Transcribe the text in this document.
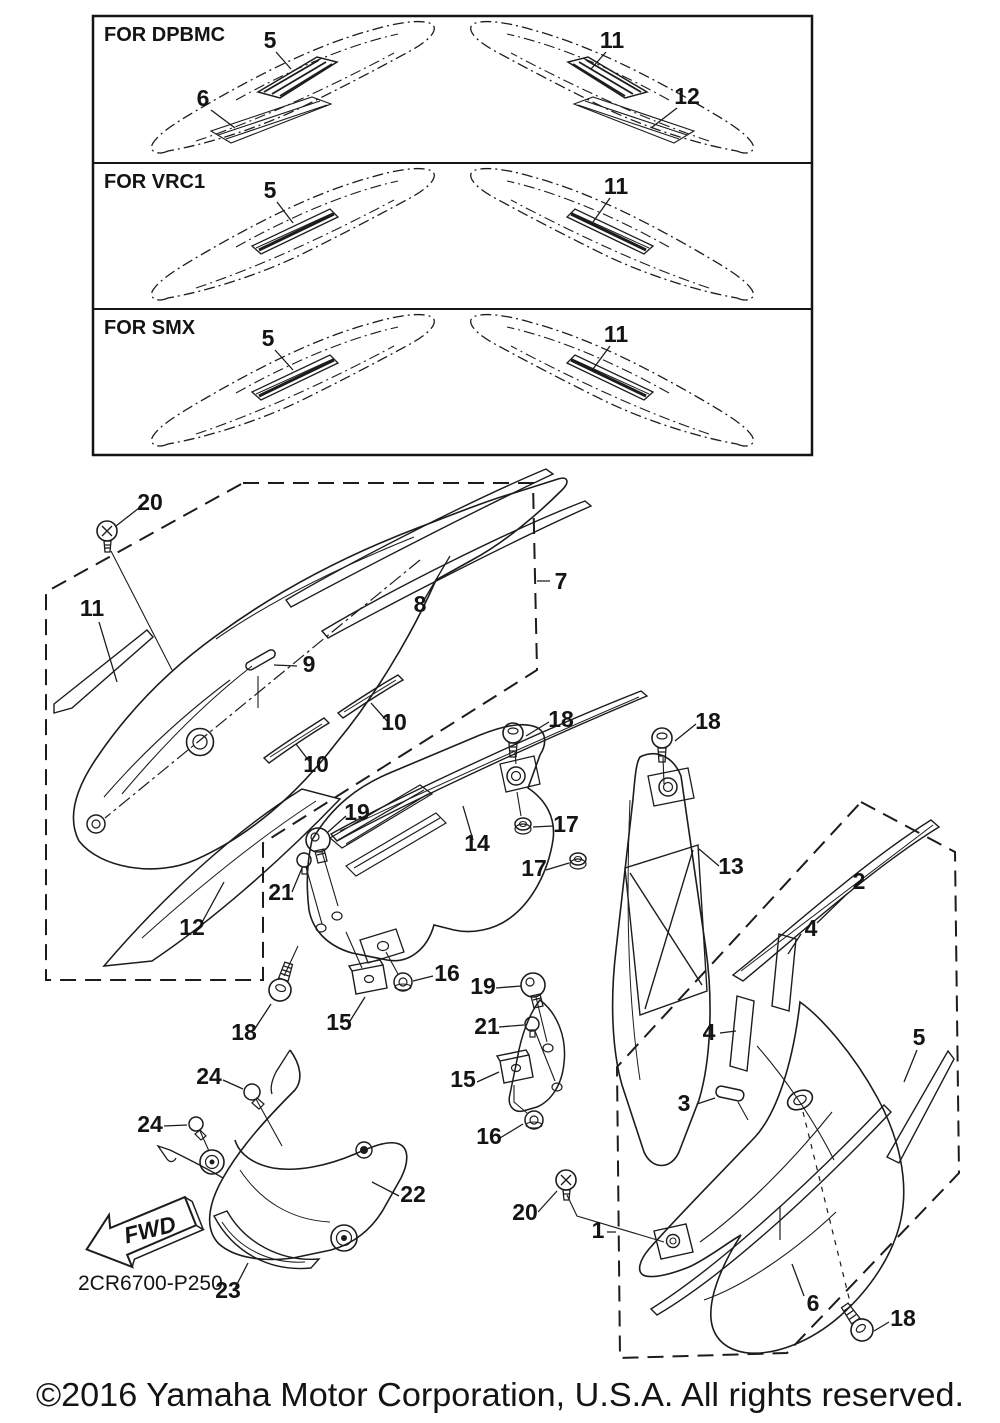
FOR DPBMC 5
6
11
12
FOR VRC1	5	11
FOR SMX	5	11
20
7
8
11
9
10
10
18	18
17
14
17	13
19
21	2
12	4
16 19
15	21	4	5
18
15
24
3
24	16
22
20
1
23	6
18
FWD
2CR6700-P250
©2016 Yamaha Motor Corporation, U.S.A. All rights reserved.
